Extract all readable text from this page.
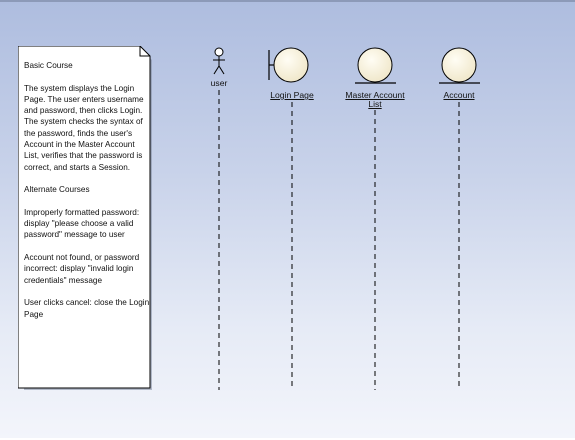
Basic Course

The system displays the Login Page. The user enters username and password, then clicks Login. The system checks the syntax of the password, finds the user's Account in the Master Account List, verifies that the password is correct, and starts a Session.

Alternate Courses

Improperly formatted password: display "please choose a valid password" message to user

Account not found, or password incorrect: display "invalid login credentials" message

User clicks cancel: close the Login Page
user
Login Page	Master Account
List
Account
